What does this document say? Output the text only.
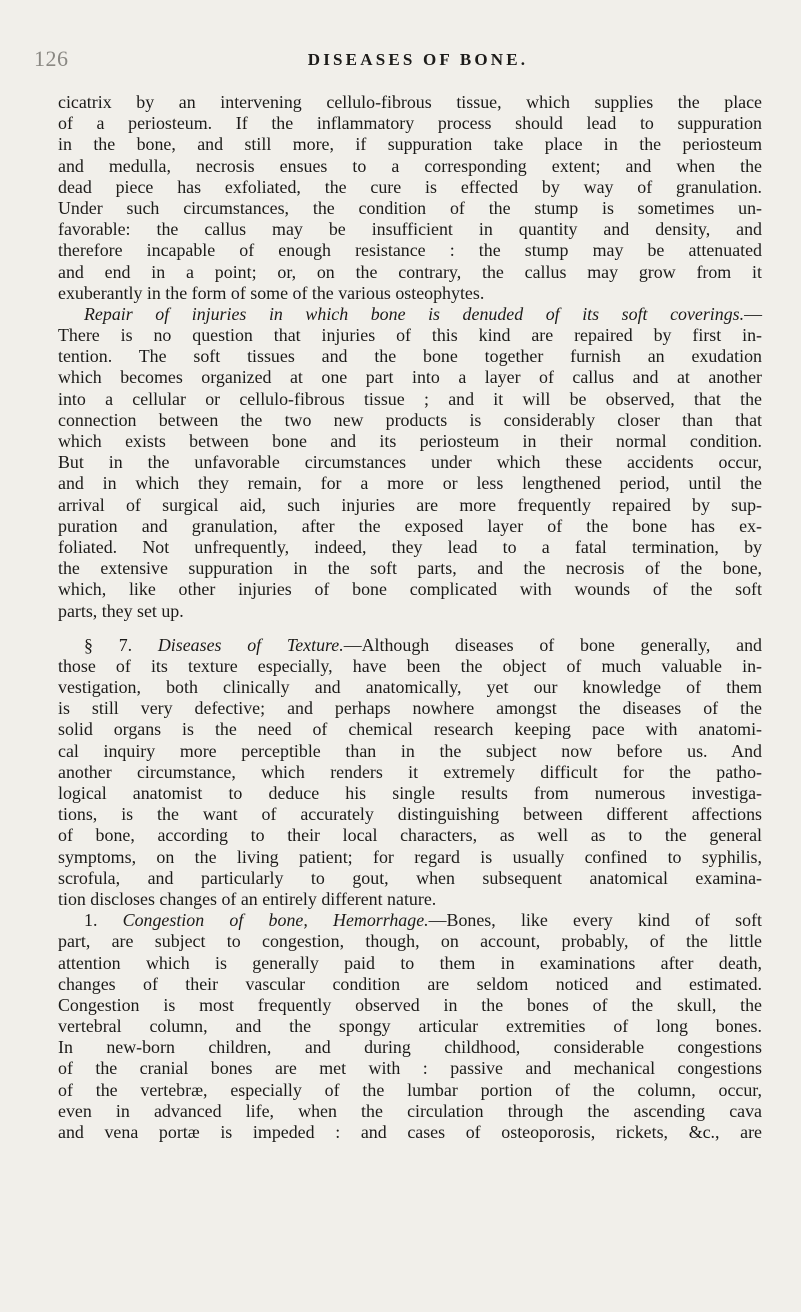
126	DISEASES OF BONE.
cicatrix by an intervening cellulo-fibrous tissue, which supplies the place
of a periosteum. If the inflammatory process should lead to suppuration
in the bone, and still more, if suppuration take place in the periosteum
and medulla, necrosis ensues to a corresponding extent; and when the
dead piece has exfoliated, the cure is effected by way of granulation.
Under such circumstances, the condition of the stump is sometimes un-
favorable: the callus may be insufficient in quantity and density, and
therefore incapable of enough resistance : the stump may be attenuated
and end in a point; or, on the contrary, the callus may grow from it
exuberantly in the form of some of the various osteophytes.
Repair of injuries in which bone is denuded of its soft coverings.—
There is no question that injuries of this kind are repaired by first in-
tention. The soft tissues and the bone together furnish an exudation
which becomes organized at one part into a layer of callus and at another
into a cellular or cellulo-fibrous tissue ; and it will be observed, that the
connection between the two new products is considerably closer than that
which exists between bone and its periosteum in their normal condition.
But in the unfavorable circumstances under which these accidents occur,
and in which they remain, for a more or less lengthened period, until the
arrival of surgical aid, such injuries are more frequently repaired by sup-
puration and granulation, after the exposed layer of the bone has ex-
foliated. Not unfrequently, indeed, they lead to a fatal termination, by
the extensive suppuration in the soft parts, and the necrosis of the bone,
which, like other injuries of bone complicated with wounds of the soft
parts, they set up.
§ 7. Diseases of Texture.—Although diseases of bone generally, and
those of its texture especially, have been the object of much valuable in-
vestigation, both clinically and anatomically, yet our knowledge of them
is still very defective; and perhaps nowhere amongst the diseases of the
solid organs is the need of chemical research keeping pace with anatomi-
cal inquiry more perceptible than in the subject now before us. And
another circumstance, which renders it extremely difficult for the patho-
logical anatomist to deduce his single results from numerous investiga-
tions, is the want of accurately distinguishing between different affections
of bone, according to their local characters, as well as to the general
symptoms, on the living patient; for regard is usually confined to syphilis,
scrofula, and particularly to gout, when subsequent anatomical examina-
tion discloses changes of an entirely different nature.
1. Congestion of bone, Hemorrhage.—Bones, like every kind of soft
part, are subject to congestion, though, on account, probably, of the little
attention which is generally paid to them in examinations after death,
changes of their vascular condition are seldom noticed and estimated.
Congestion is most frequently observed in the bones of the skull, the
vertebral column, and the spongy articular extremities of long bones.
In new-born children, and during childhood, considerable congestions
of the cranial bones are met with : passive and mechanical congestions
of the vertebræ, especially of the lumbar portion of the column, occur,
even in advanced life, when the circulation through the ascending cava
and vena portæ is impeded : and cases of osteoporosis, rickets, &c., are
